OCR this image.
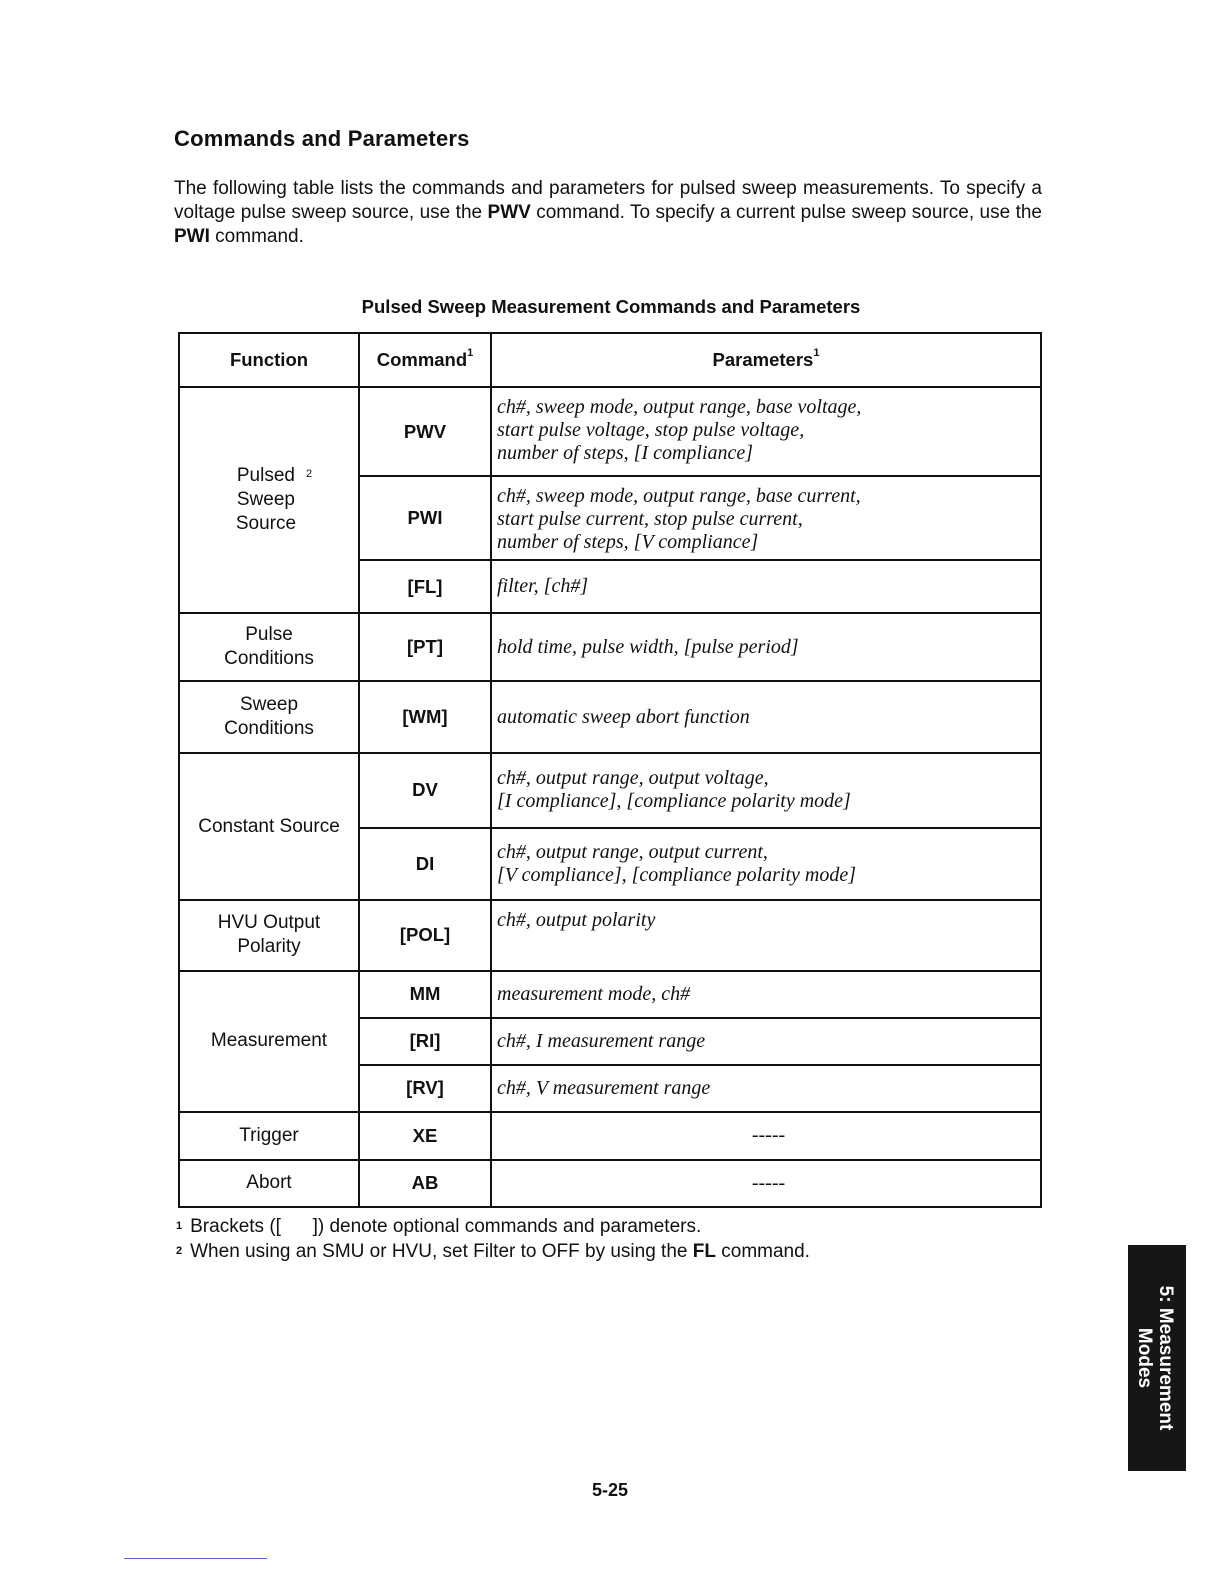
Commands and Parameters

The following table lists the commands and parameters for pulsed sweep measurements. To specify a voltage pulse sweep source, use the PWV command. To specify a current pulse sweep source, use the PWI command.

Pulsed Sweep Measurement Commands and Parameters
Function	Command$^1$	Parameters$^1$
Pulsed Sweep Source$^2$	PWV	ch#, sweep mode, output range, base voltage,
start pulse voltage, stop pulse voltage,
number of steps, [I compliance]

	PWI	ch#, sweep mode, output range, base current,
start pulse current, stop pulse current,
number of steps, [V compliance]

	[FL]	filter, [ch#]

Pulse Conditions	[PT]	hold time, pulse width, [pulse period]

Sweep Conditions	[WM]	automatic sweep abort function

Constant Source	DV	ch#, output range, output voltage,
[I compliance], [compliance polarity mode]

	DI	ch#, output range, output current,
[V compliance], [compliance polarity mode]

HVU Output Polarity	[POL]	ch#, output polarity

Measurement	MM	measurement mode, ch#

	[RI]	ch#, I measurement range

	[RV]	ch#, V measurement range

Trigger	XE	-----

Abort	AB	-----
$^1$ Brackets ([      ]) denote optional commands and parameters.
$^2$ When using an SMU or HVU, set Filter to OFF by using the FL command.
5: Measurement
Modes
5-25
